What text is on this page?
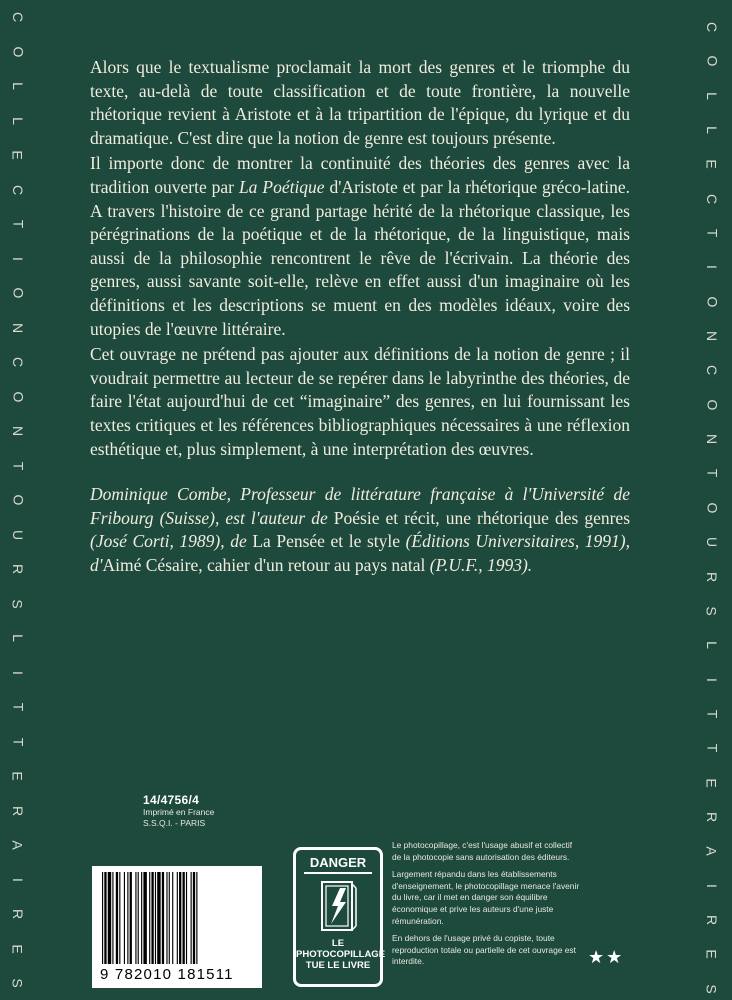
C
O
L
L
E
C
T
I
O
N
C
O
N
T
O
U
R
S
L
I
T
T
E
R
A
I
R
E
S
C
O
L
L
E
C
T
I
O
N
C
O
N
T
O
U
R
S
L
I
T
T
E
R
A
I
R
E
S

Alors que le textualisme proclamait la mort des genres et le triomphe du texte, au-delà de toute classification et de toute frontière, la nouvelle rhétorique revient à Aristote et à la tripartition de l'épique, du lyrique et du dramatique. C'est dire que la notion de genre est toujours présente.

Il importe donc de montrer la continuité des théories des genres avec la tradition ouverte par La Poétique d'Aristote et par la rhétorique gréco-latine. A travers l'histoire de ce grand partage hérité de la rhétorique classique, les pérégrinations de la poétique et de la rhétorique, de la linguistique, mais aussi de la philosophie rencontrent le rêve de l'écrivain. La théorie des genres, aussi savante soit-elle, relève en effet aussi d'un imaginaire où les définitions et les descriptions se muent en des modèles idéaux, voire des utopies de l'œuvre littéraire.

Cet ouvrage ne prétend pas ajouter aux définitions de la notion de genre ; il voudrait permettre au lecteur de se repérer dans le labyrinthe des théories, de faire l'état aujourd'hui de cet “imaginaire” des genres, en lui fournissant les textes critiques et les références bibliographiques nécessaires à une réflexion esthétique et, plus simplement, à une interprétation des œuvres.

Dominique Combe, Professeur de littérature française à l'Université de Fribourg (Suisse), est l'auteur de Poésie et récit, une rhétorique des genres (José Corti, 1989), de La Pensée et le style (Éditions Universitaires, 1991), d'Aimé Césaire, cahier d'un retour au pays natal (P.U.F., 1993).

14/4756/4
Imprimé en France
S.S.Q.I. - PARIS
9 782010 181511
DANGER
LE
PHOTOCOPILLAGE
TUE LE LIVRE

Le photocopillage, c'est l'usage abusif et collectif de la photocopie sans autorisation des éditeurs.

Largement répandu dans les établissements d'enseignement, le photocopillage menace l'avenir du livre, car il met en danger son équilibre économique et prive les auteurs d'une juste rémunération.

En dehors de l'usage privé du copiste, toute reproduction totale ou partielle de cet ouvrage est interdite.	★★
